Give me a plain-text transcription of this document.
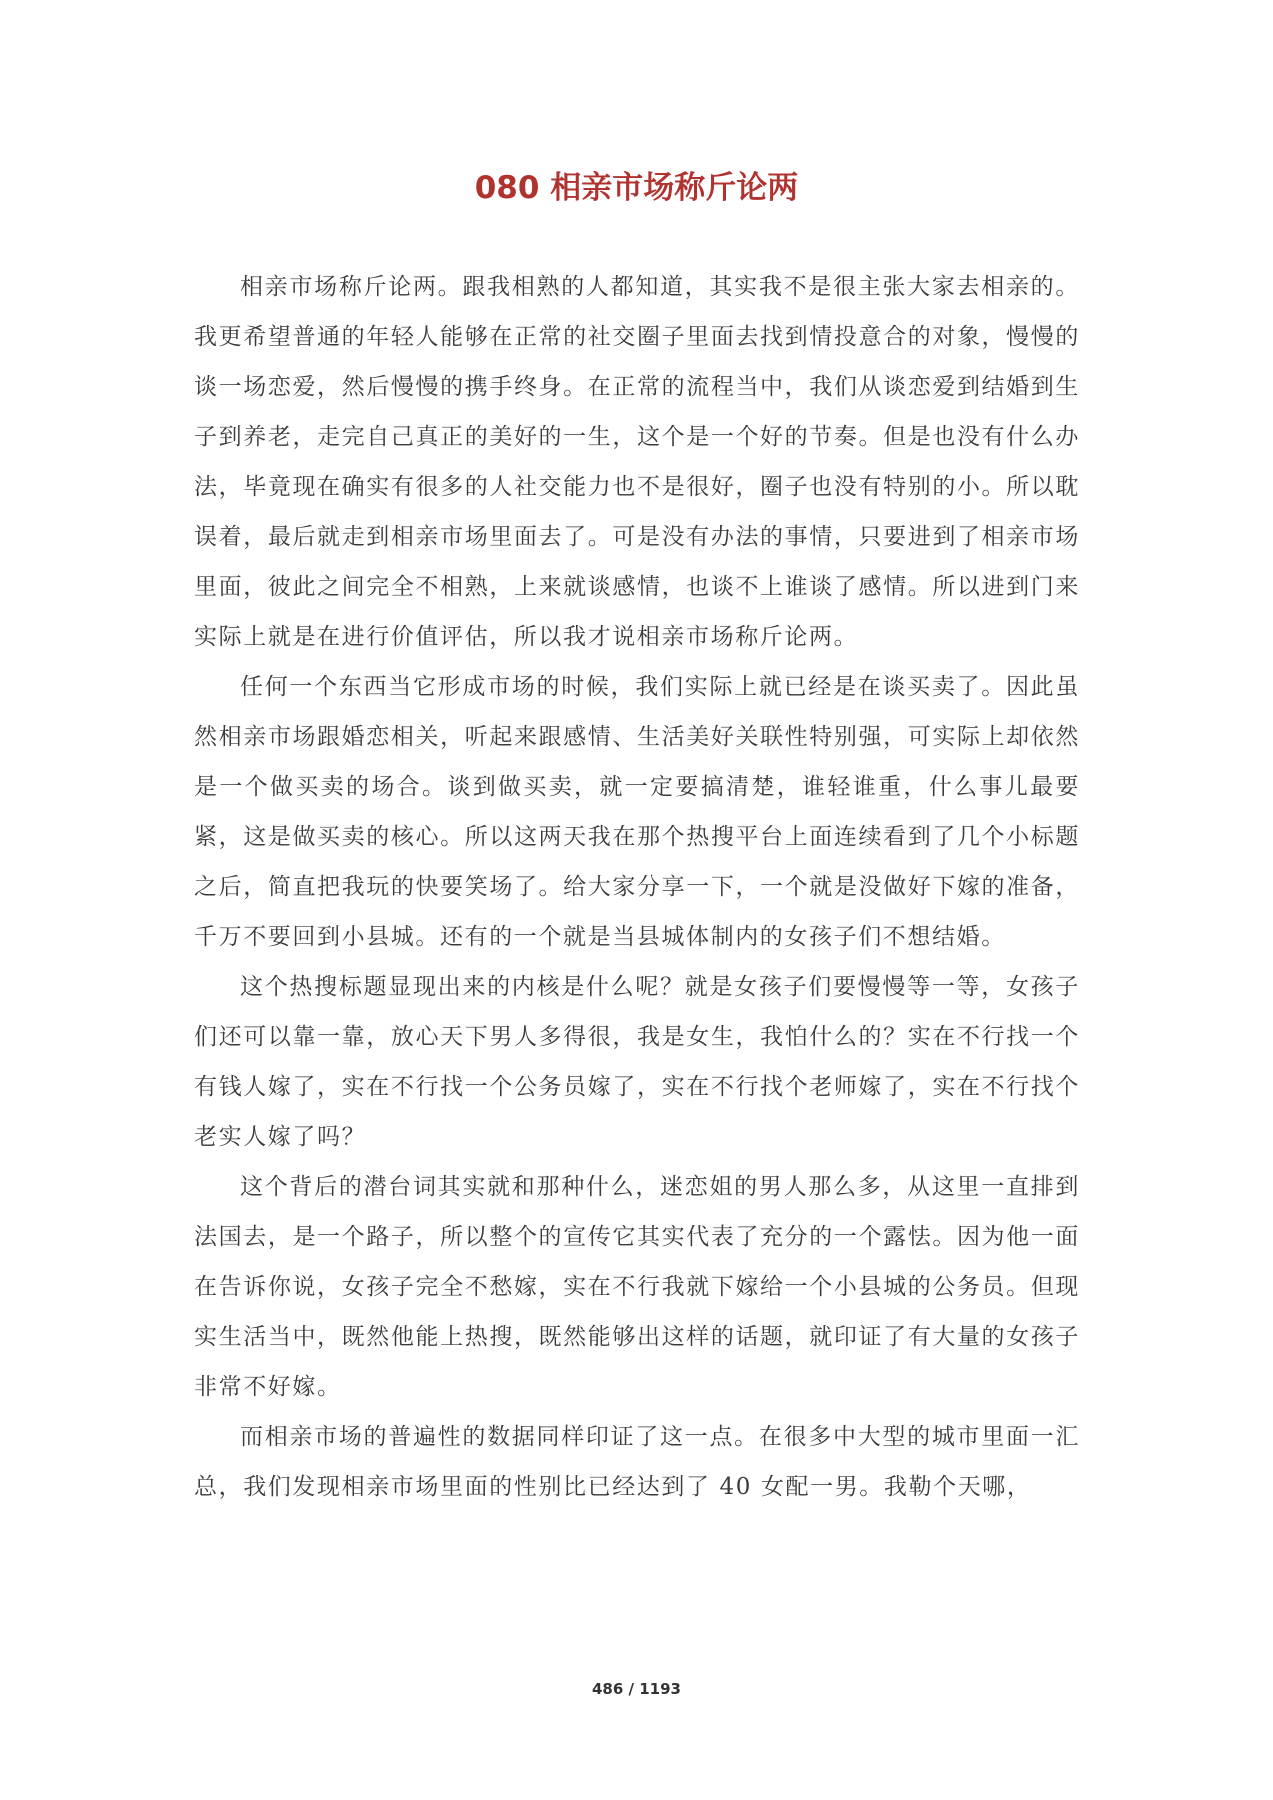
080 相亲市场称斤论两

相亲市场称斤论两。跟我相熟的人都知道，其实我不是很主张大家去相亲的。我更希望普通的年轻人能够在正常的社交圈子里面去找到情投意合的对象，慢慢的谈一场恋爱，然后慢慢的携手终身。在正常的流程当中，我们从谈恋爱到结婚到生子到养老，走完自己真正的美好的一生，这个是一个好的节奏。但是也没有什么办法，毕竟现在确实有很多的人社交能力也不是很好，圈子也没有特别的小。所以耽误着，最后就走到相亲市场里面去了。可是没有办法的事情，只要进到了相亲市场里面，彼此之间完全不相熟，上来就谈感情，也谈不上谁谈了感情。所以进到门来实际上就是在进行价值评估，所以我才说相亲市场称斤论两。

任何一个东西当它形成市场的时候，我们实际上就已经是在谈买卖了。因此虽然相亲市场跟婚恋相关，听起来跟感情、生活美好关联性特别强，可实际上却依然是一个做买卖的场合。谈到做买卖，就一定要搞清楚，谁轻谁重，什么事儿最要紧，这是做买卖的核心。所以这两天我在那个热搜平台上面连续看到了几个小标题之后，简直把我玩的快要笑场了。给大家分享一下，一个就是没做好下嫁的准备，千万不要回到小县城。还有的一个就是当县城体制内的女孩子们不想结婚。

这个热搜标题显现出来的内核是什么呢？就是女孩子们要慢慢等一等，女孩子们还可以靠一靠，放心天下男人多得很，我是女生，我怕什么的？实在不行找一个有钱人嫁了，实在不行找一个公务员嫁了，实在不行找个老师嫁了，实在不行找个老实人嫁了吗？

这个背后的潜台词其实就和那种什么，迷恋姐的男人那么多，从这里一直排到法国去，是一个路子，所以整个的宣传它其实代表了充分的一个露怯。因为他一面在告诉你说，女孩子完全不愁嫁，实在不行我就下嫁给一个小县城的公务员。但现实生活当中，既然他能上热搜，既然能够出这样的话题，就印证了有大量的女孩子非常不好嫁。

而相亲市场的普遍性的数据同样印证了这一点。在很多中大型的城市里面一汇总，我们发现相亲市场里面的性别比已经达到了 40 女配一男。我勒个天哪，

486 / 1193
